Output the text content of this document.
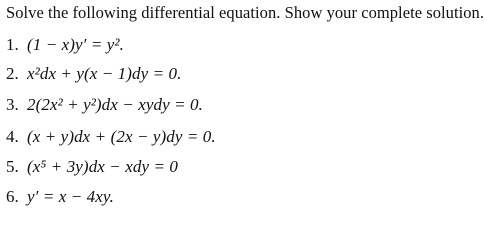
Solve the following differential equation. Show your complete solution.
1. (1 − x)y′ = y².
2. x²dx + y(x − 1)dy = 0.
3. 2(2x² + y²)dx − xydy = 0.
4. (x + y)dx + (2x − y)dy = 0.
5. (x⁵ + 3y)dx − xdy = 0
6. y′ = x − 4xy.
